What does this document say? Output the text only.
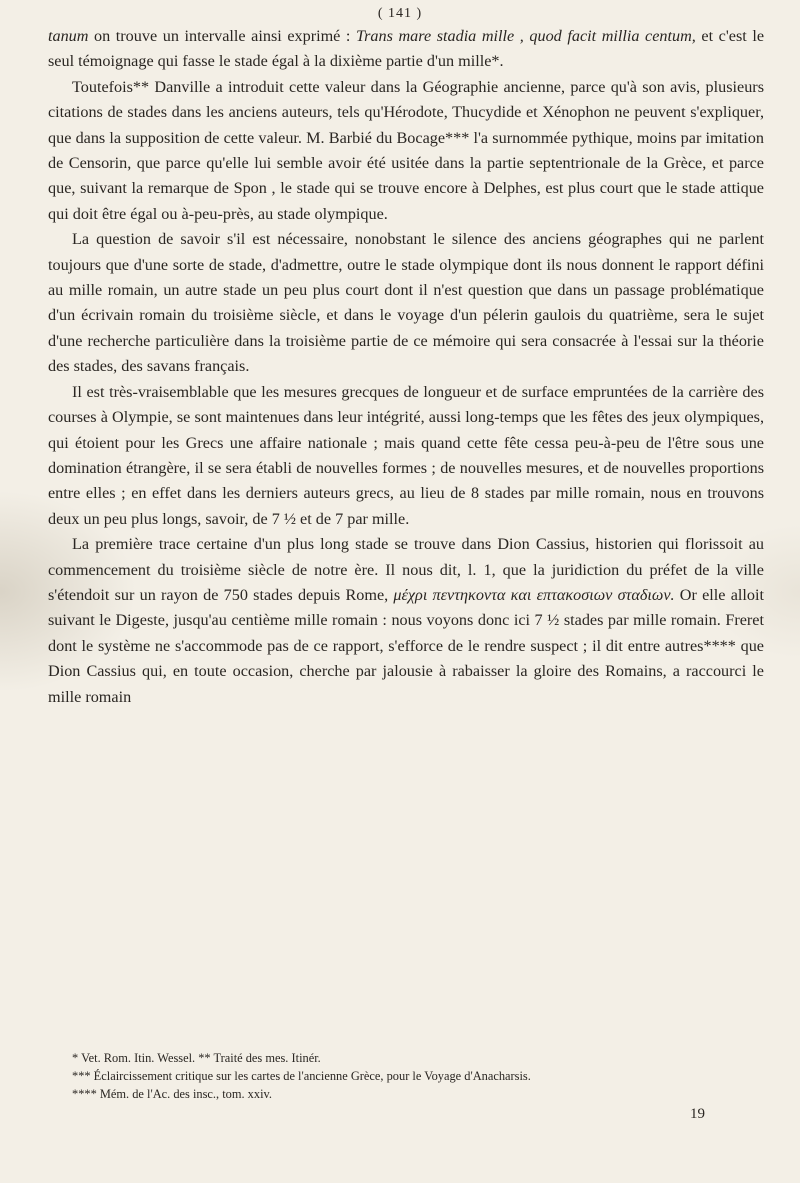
( 141 )

tanum on trouve un intervalle ainsi exprimé : Trans mare stadia mille , quod facit millia centum, et c'est le seul témoignage qui fasse le stade égal à la dixième partie d'un mille*.

Toutefois** Danville a introduit cette valeur dans la Géographie ancienne, parce qu'à son avis, plusieurs citations de stades dans les anciens auteurs, tels qu'Hérodote, Thucydide et Xénophon ne peuvent s'expliquer, que dans la supposition de cette valeur. M. Barbié du Bocage*** l'a surnommée pythique, moins par imitation de Censorin, que parce qu'elle lui semble avoir été usitée dans la partie septentrionale de la Grèce, et parce que, suivant la remarque de Spon , le stade qui se trouve encore à Delphes, est plus court que le stade attique qui doit être égal ou à-peu-près, au stade olympique.

La question de savoir s'il est nécessaire, nonobstant le silence des anciens géographes qui ne parlent toujours que d'une sorte de stade, d'admettre, outre le stade olympique dont ils nous donnent le rapport défini au mille romain, un autre stade un peu plus court dont il n'est question que dans un passage problématique d'un écrivain romain du troisième siècle, et dans le voyage d'un pélerin gaulois du quatrième, sera le sujet d'une recherche particulière dans la troisième partie de ce mémoire qui sera consacrée à l'essai sur la théorie des stades, des savans français.

Il est très-vraisemblable que les mesures grecques de longueur et de surface empruntées de la carrière des courses à Olympie, se sont maintenues dans leur intégrité, aussi long-temps que les fêtes des jeux olympiques, qui étoient pour les Grecs une affaire nationale ; mais quand cette fête cessa peu-à-peu de l'être sous une domination étrangère, il se sera établi de nouvelles formes ; de nouvelles mesures, et de nouvelles proportions entre elles ; en effet dans les derniers auteurs grecs, au lieu de 8 stades par mille romain, nous en trouvons deux un peu plus longs, savoir, de 7 ½ et de 7 par mille.

La première trace certaine d'un plus long stade se trouve dans Dion Cassius, historien qui florissoit au commencement du troisième siècle de notre ère. Il nous dit, l. 1, que la juridiction du préfet de la ville s'étendoit sur un rayon de 750 stades depuis Rome, μέχρι πεντηκοντα και επτακοσιων σταδιων. Or elle alloit suivant le Digeste, jusqu'au centième mille romain : nous voyons donc ici 7 ½ stades par mille romain. Freret dont le système ne s'accommode pas de ce rapport, s'efforce de le rendre suspect ; il dit entre autres**** que Dion Cassius qui, en toute occasion, cherche par jalousie à rabaisser la gloire des Romains, a raccourci le mille romain

* Vet. Rom. Itin. Wessel. ** Traité des mes. Itinér.
*** Éclaircissement critique sur les cartes de l'ancienne Grèce, pour le Voyage d'Anacharsis.
**** Mém. de l'Ac. des insc., tom. xxiv.
19
